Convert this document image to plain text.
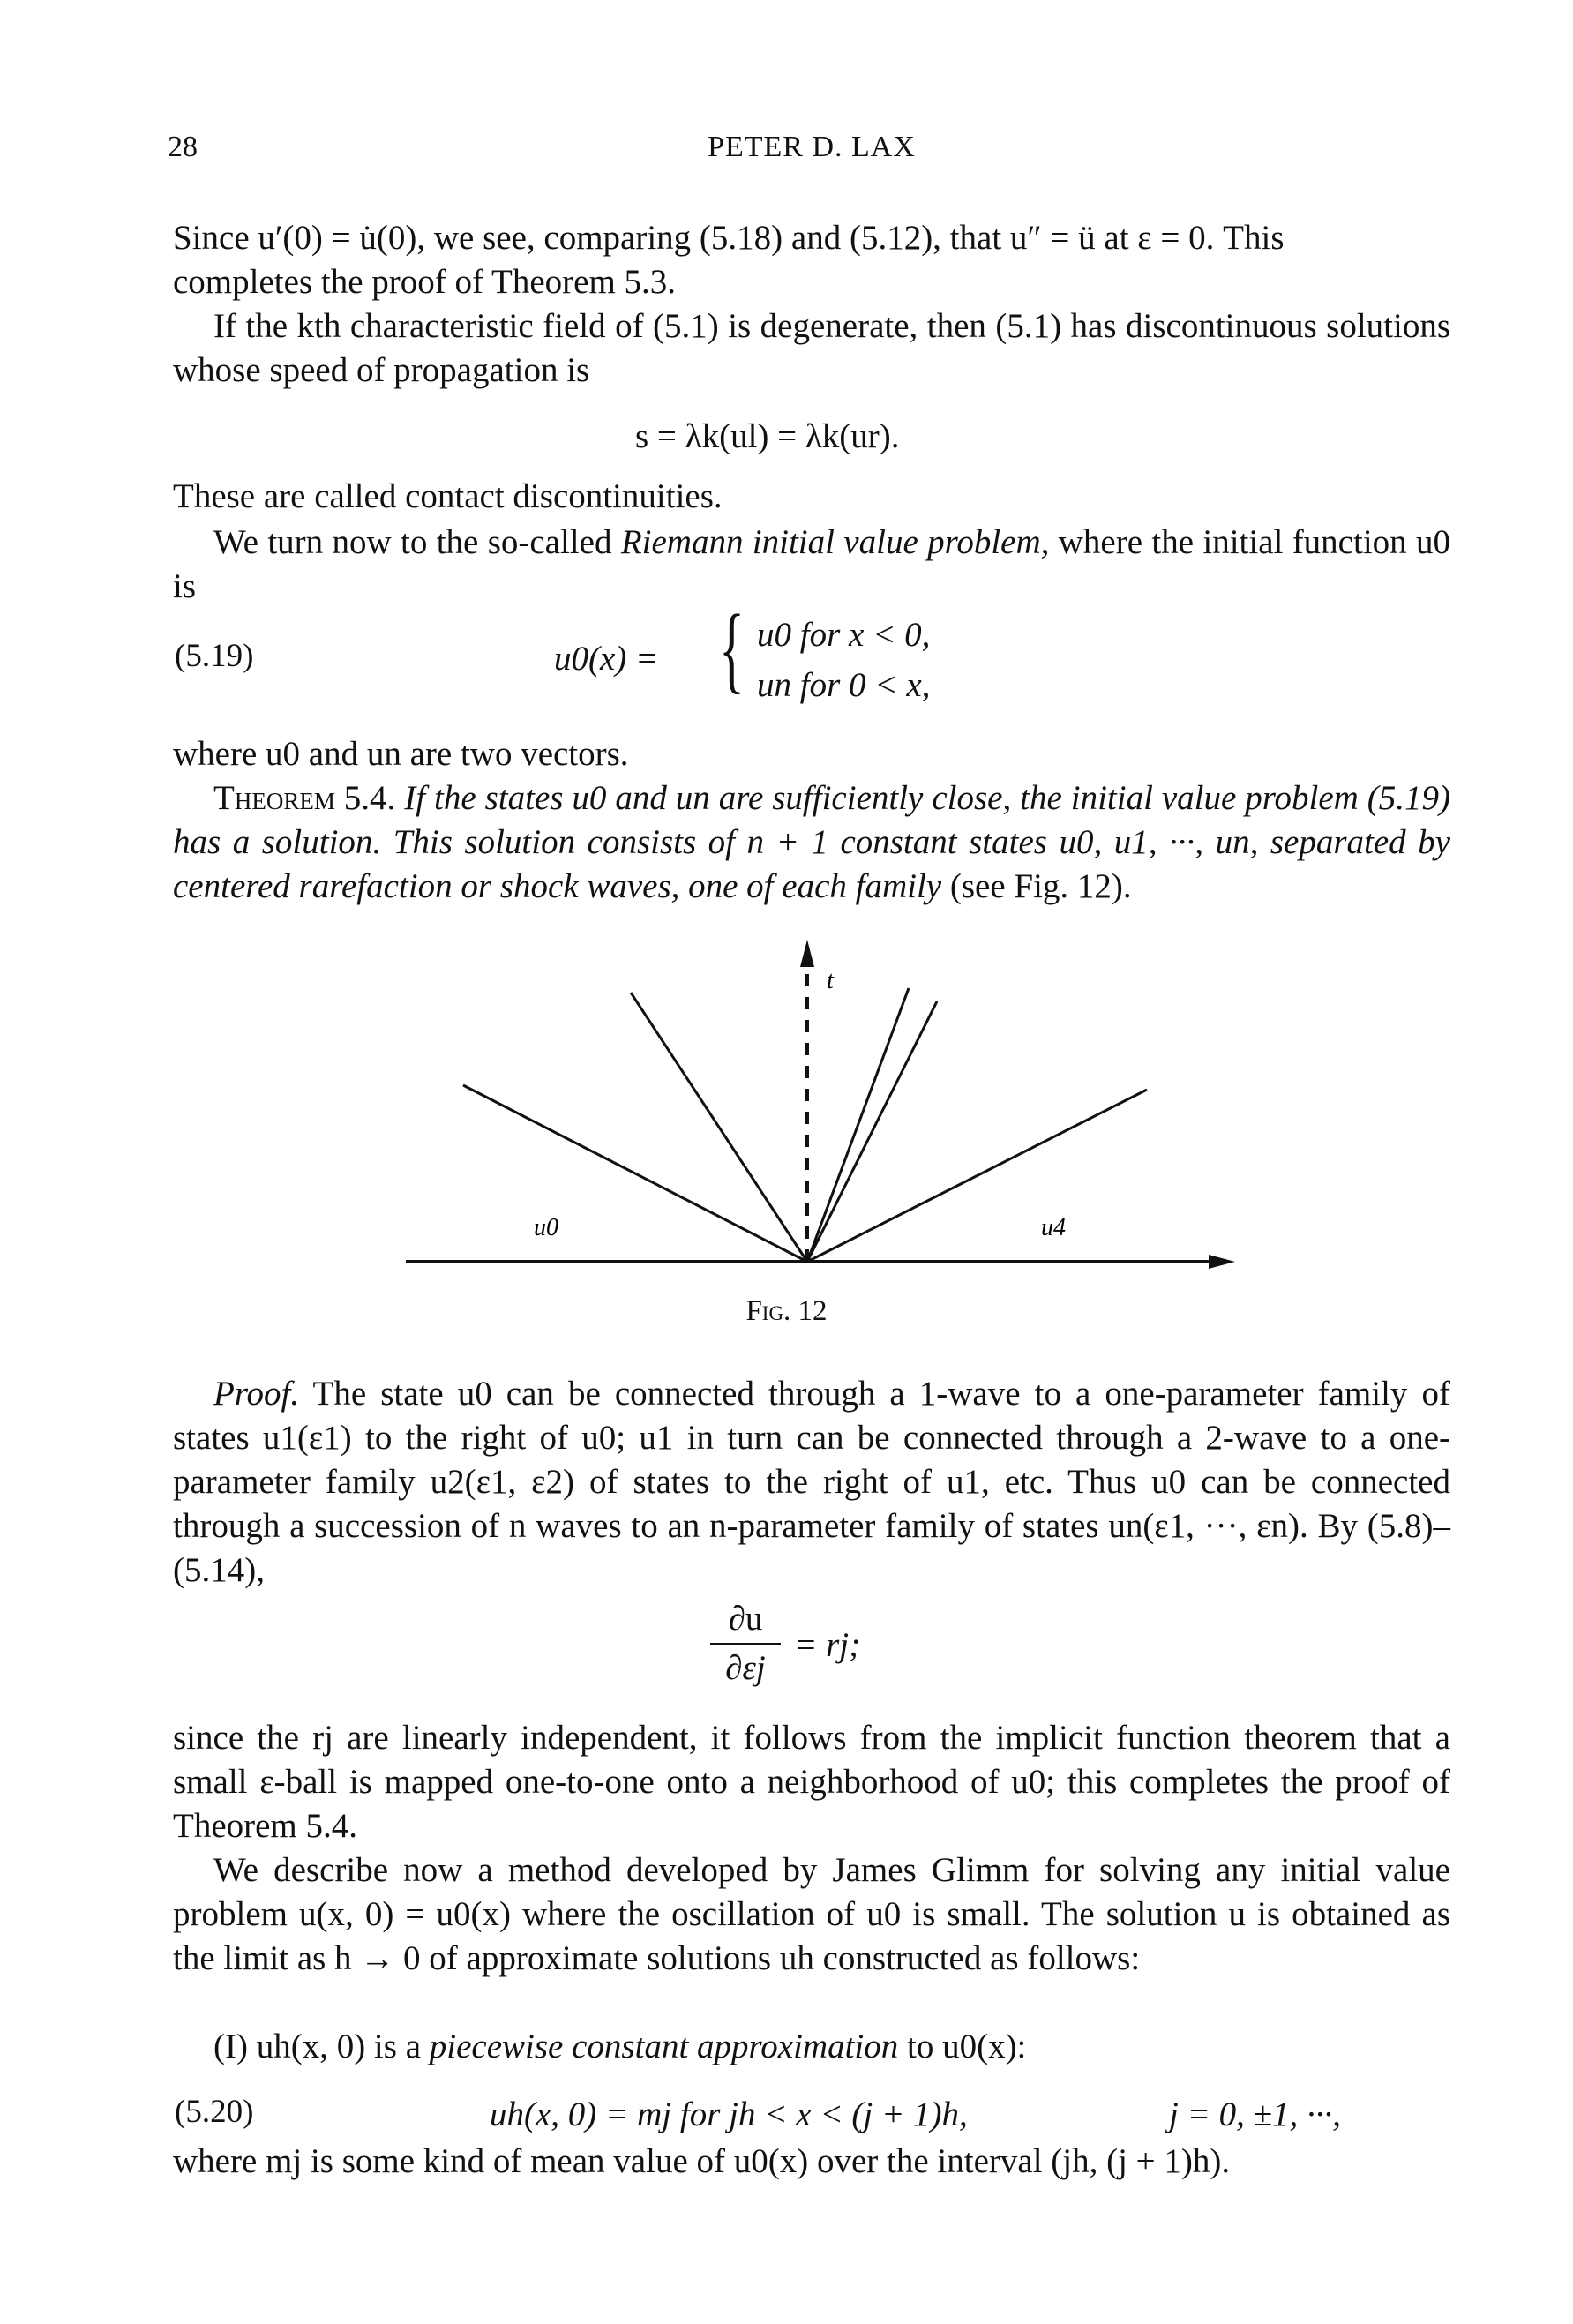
28	PETER D. LAX
Since u′(0) = u̇(0), we see, comparing (5.18) and (5.12), that u″ = ü at ε = 0. This
completes the proof of Theorem 5.3.
If the kth characteristic field of (5.1) is degenerate, then (5.1) has discontinuous solutions whose speed of propagation is
s = λk(ul) = λk(ur).
These are called contact discontinuities.
We turn now to the so-called Riemann initial value problem, where the initial function u0 is
(5.19)	u0(x) = { u0 for x < 0,
un for 0 < x,
where u0 and un are two vectors.
Theorem 5.4. If the states u0 and un are sufficiently close, the initial value problem (5.19) has a solution. This solution consists of n + 1 constant states u0, u1, ···, un, separated by centered rarefaction or shock waves, one of each family (see Fig. 12).
t
u0	u4
Fig. 12
Proof. The state u0 can be connected through a 1-wave to a one-parameter family of states u1(ε1) to the right of u0; u1 in turn can be connected through a 2-wave to a one-parameter family u2(ε1, ε2) of states to the right of u1, etc. Thus u0 can be connected through a succession of n waves to an n-parameter family of states un(ε1, ···, εn). By (5.8)–(5.14),
∂u
∂εj
= rj;
since the rj are linearly independent, it follows from the implicit function theorem that a small ε-ball is mapped one-to-one onto a neighborhood of u0; this completes the proof of Theorem 5.4.
We describe now a method developed by James Glimm for solving any initial value problem u(x, 0) = u0(x) where the oscillation of u0 is small. The solution u is obtained as the limit as h → 0 of approximate solutions uh constructed as follows:
(I) uh(x, 0) is a piecewise constant approximation to u0(x):
(5.20)	uh(x, 0) = mj for jh < x < (j + 1)h,	j = 0, ±1, ···,
where mj is some kind of mean value of u0(x) over the interval (jh, (j + 1)h).
